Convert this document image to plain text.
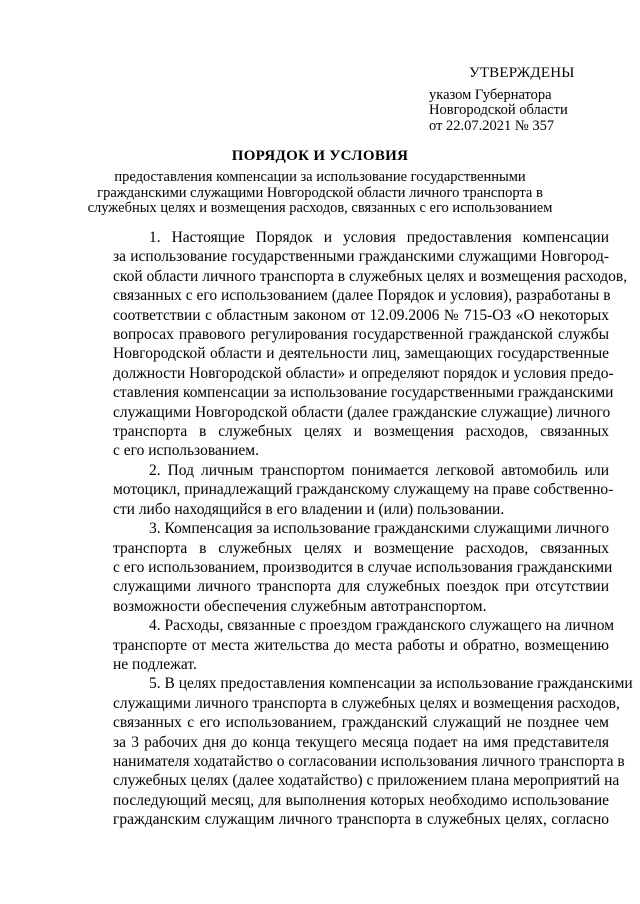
УТВЕРЖДЕНЫ
указом Губернатора
Новгородской области
от 22.07.2021 № 357
ПОРЯДОК И УСЛОВИЯ
предоставления компенсации за использование государственными
гражданскими служащими Новгородской области личного транспорта в
служебных целях и возмещения расходов, связанных с его использованием
1. Настоящие Порядок и условия предоставления компенсации
за использование государственными гражданскими служащими Новгород-
ской области личного транспорта в служебных целях и возмещения расходов,
связанных с его использованием (далее Порядок и условия), разработаны в
соответствии с областным законом от 12.09.2006 № 715-ОЗ «О некоторых
вопросах правового регулирования государственной гражданской службы
Новгородской области и деятельности лиц, замещающих государственные
должности Новгородской области» и определяют порядок и условия предо-
ставления компенсации за использование государственными гражданскими
служащими Новгородской области (далее гражданские служащие) личного
транспорта в служебных целях и возмещения расходов, связанных
с его использованием.
2. Под личным транспортом понимается легковой автомобиль или
мотоцикл, принадлежащий гражданскому служащему на праве собственно-
сти либо находящийся в его владении и (или) пользовании.
3. Компенсация за использование гражданскими служащими личного
транспорта в служебных целях и возмещение расходов, связанных
с его использованием, производится в случае использования гражданскими
служащими личного транспорта для служебных поездок при отсутствии
возможности обеспечения служебным автотранспортом.
4. Расходы, связанные с проездом гражданского служащего на личном
транспорте от места жительства до места работы и обратно, возмещению
не подлежат.
5. В целях предоставления компенсации за использование гражданскими
служащими личного транспорта в служебных целях и возмещения расходов,
связанных с его использованием, гражданский служащий не позднее чем
за 3 рабочих дня до конца текущего месяца подает на имя представителя
нанимателя ходатайство о согласовании использования личного транспорта в
служебных целях (далее ходатайство) с приложением плана мероприятий на
последующий месяц, для выполнения которых необходимо использование
гражданским служащим личного транспорта в служебных целях, согласно
